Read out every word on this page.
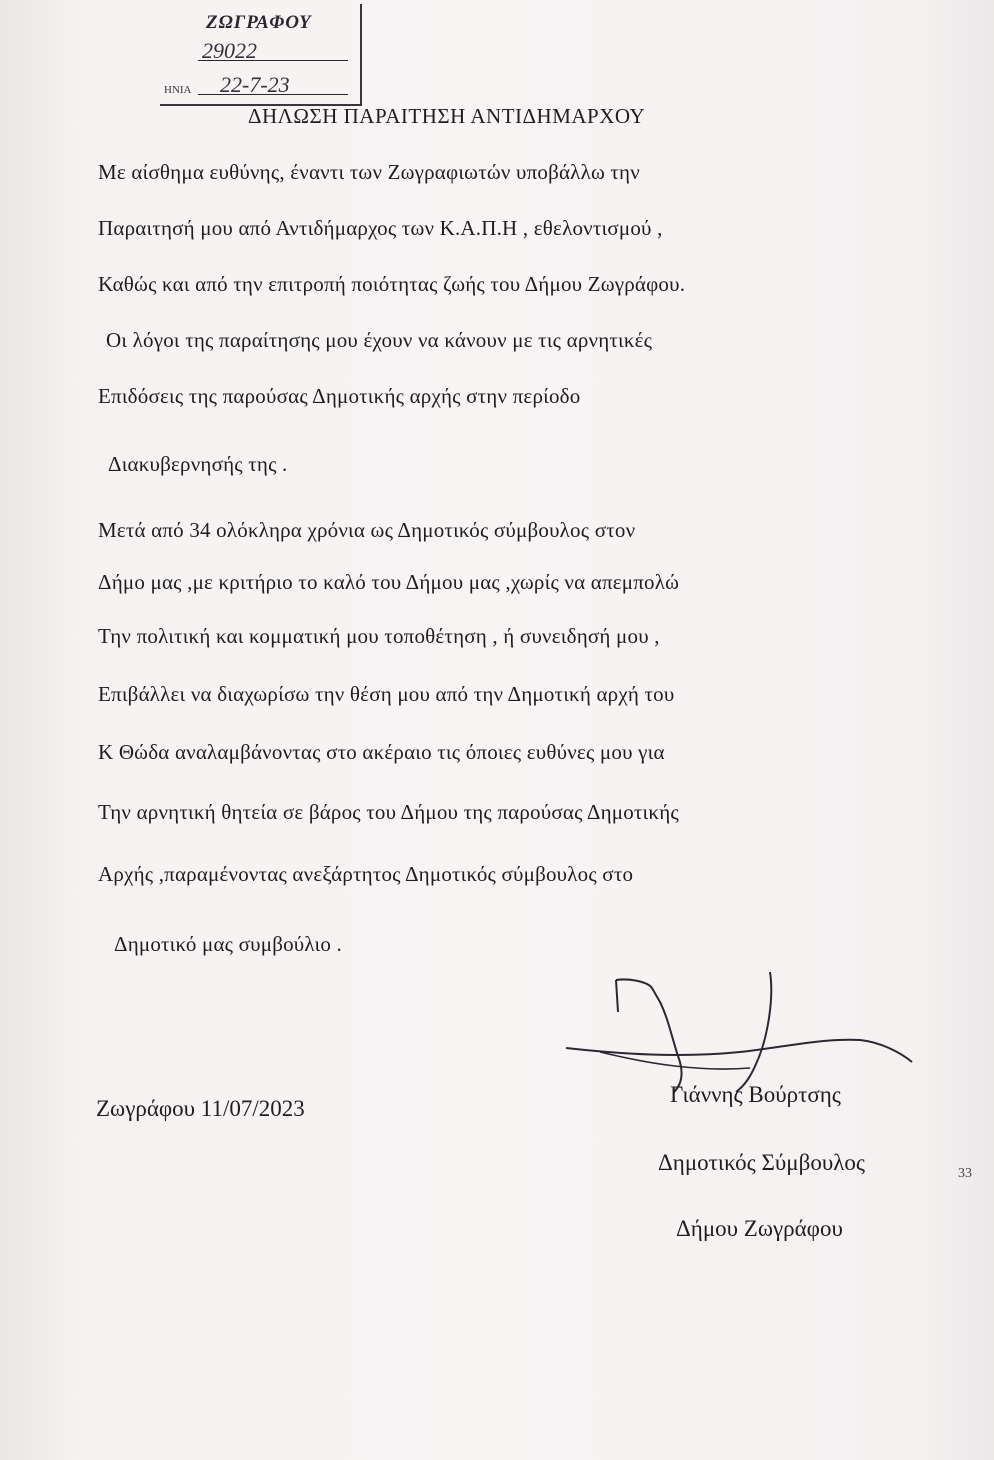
ΖΩΓΡΑΦΟΥ
29022
ΗΝΙΑ 22-7-23
ΔΗΛΩΣΗ ΠΑΡΑΙΤΗΣΗ ΑΝΤΙΔΗΜΑΡΧΟΥ
Με αίσθημα ευθύνης, έναντι των Ζωγραφιωτών υποβάλλω την
Παραιτησή μου από Αντιδήμαρχος των Κ.Α.Π.Η , εθελοντισμού ,
Καθώς και από την επιτροπή ποιότητας ζωής του Δήμου Ζωγράφου.
Οι λόγοι της παραίτησης μου έχουν να κάνουν με τις αρνητικές
Επιδόσεις της παρούσας Δημοτικής αρχής στην περίοδο
Διακυβερνησής της .
Μετά από 34 ολόκληρα χρόνια ως Δημοτικός σύμβουλος στον
Δήμο μας ,με κριτήριο το καλό του Δήμου μας ,χωρίς να απεμπολώ
Την πολιτική και κομματική μου τοποθέτηση , ή συνειδησή μου ,
Επιβάλλει να διαχωρίσω την θέση μου από την Δημοτική αρχή του
Κ Θώδα αναλαμβάνοντας στο ακέραιο τις όποιες ευθύνες μου για
Την αρνητική θητεία σε βάρος του Δήμου της παρούσας Δημοτικής
Αρχής ,παραμένοντας ανεξάρτητος Δημοτικός σύμβουλος στο
Δημοτικό μας συμβούλιο .
Ζωγράφου 11/07/2023
Γιάννης Βούρτσης
Δημοτικός Σύμβουλος
Δήμου Ζωγράφου
33
